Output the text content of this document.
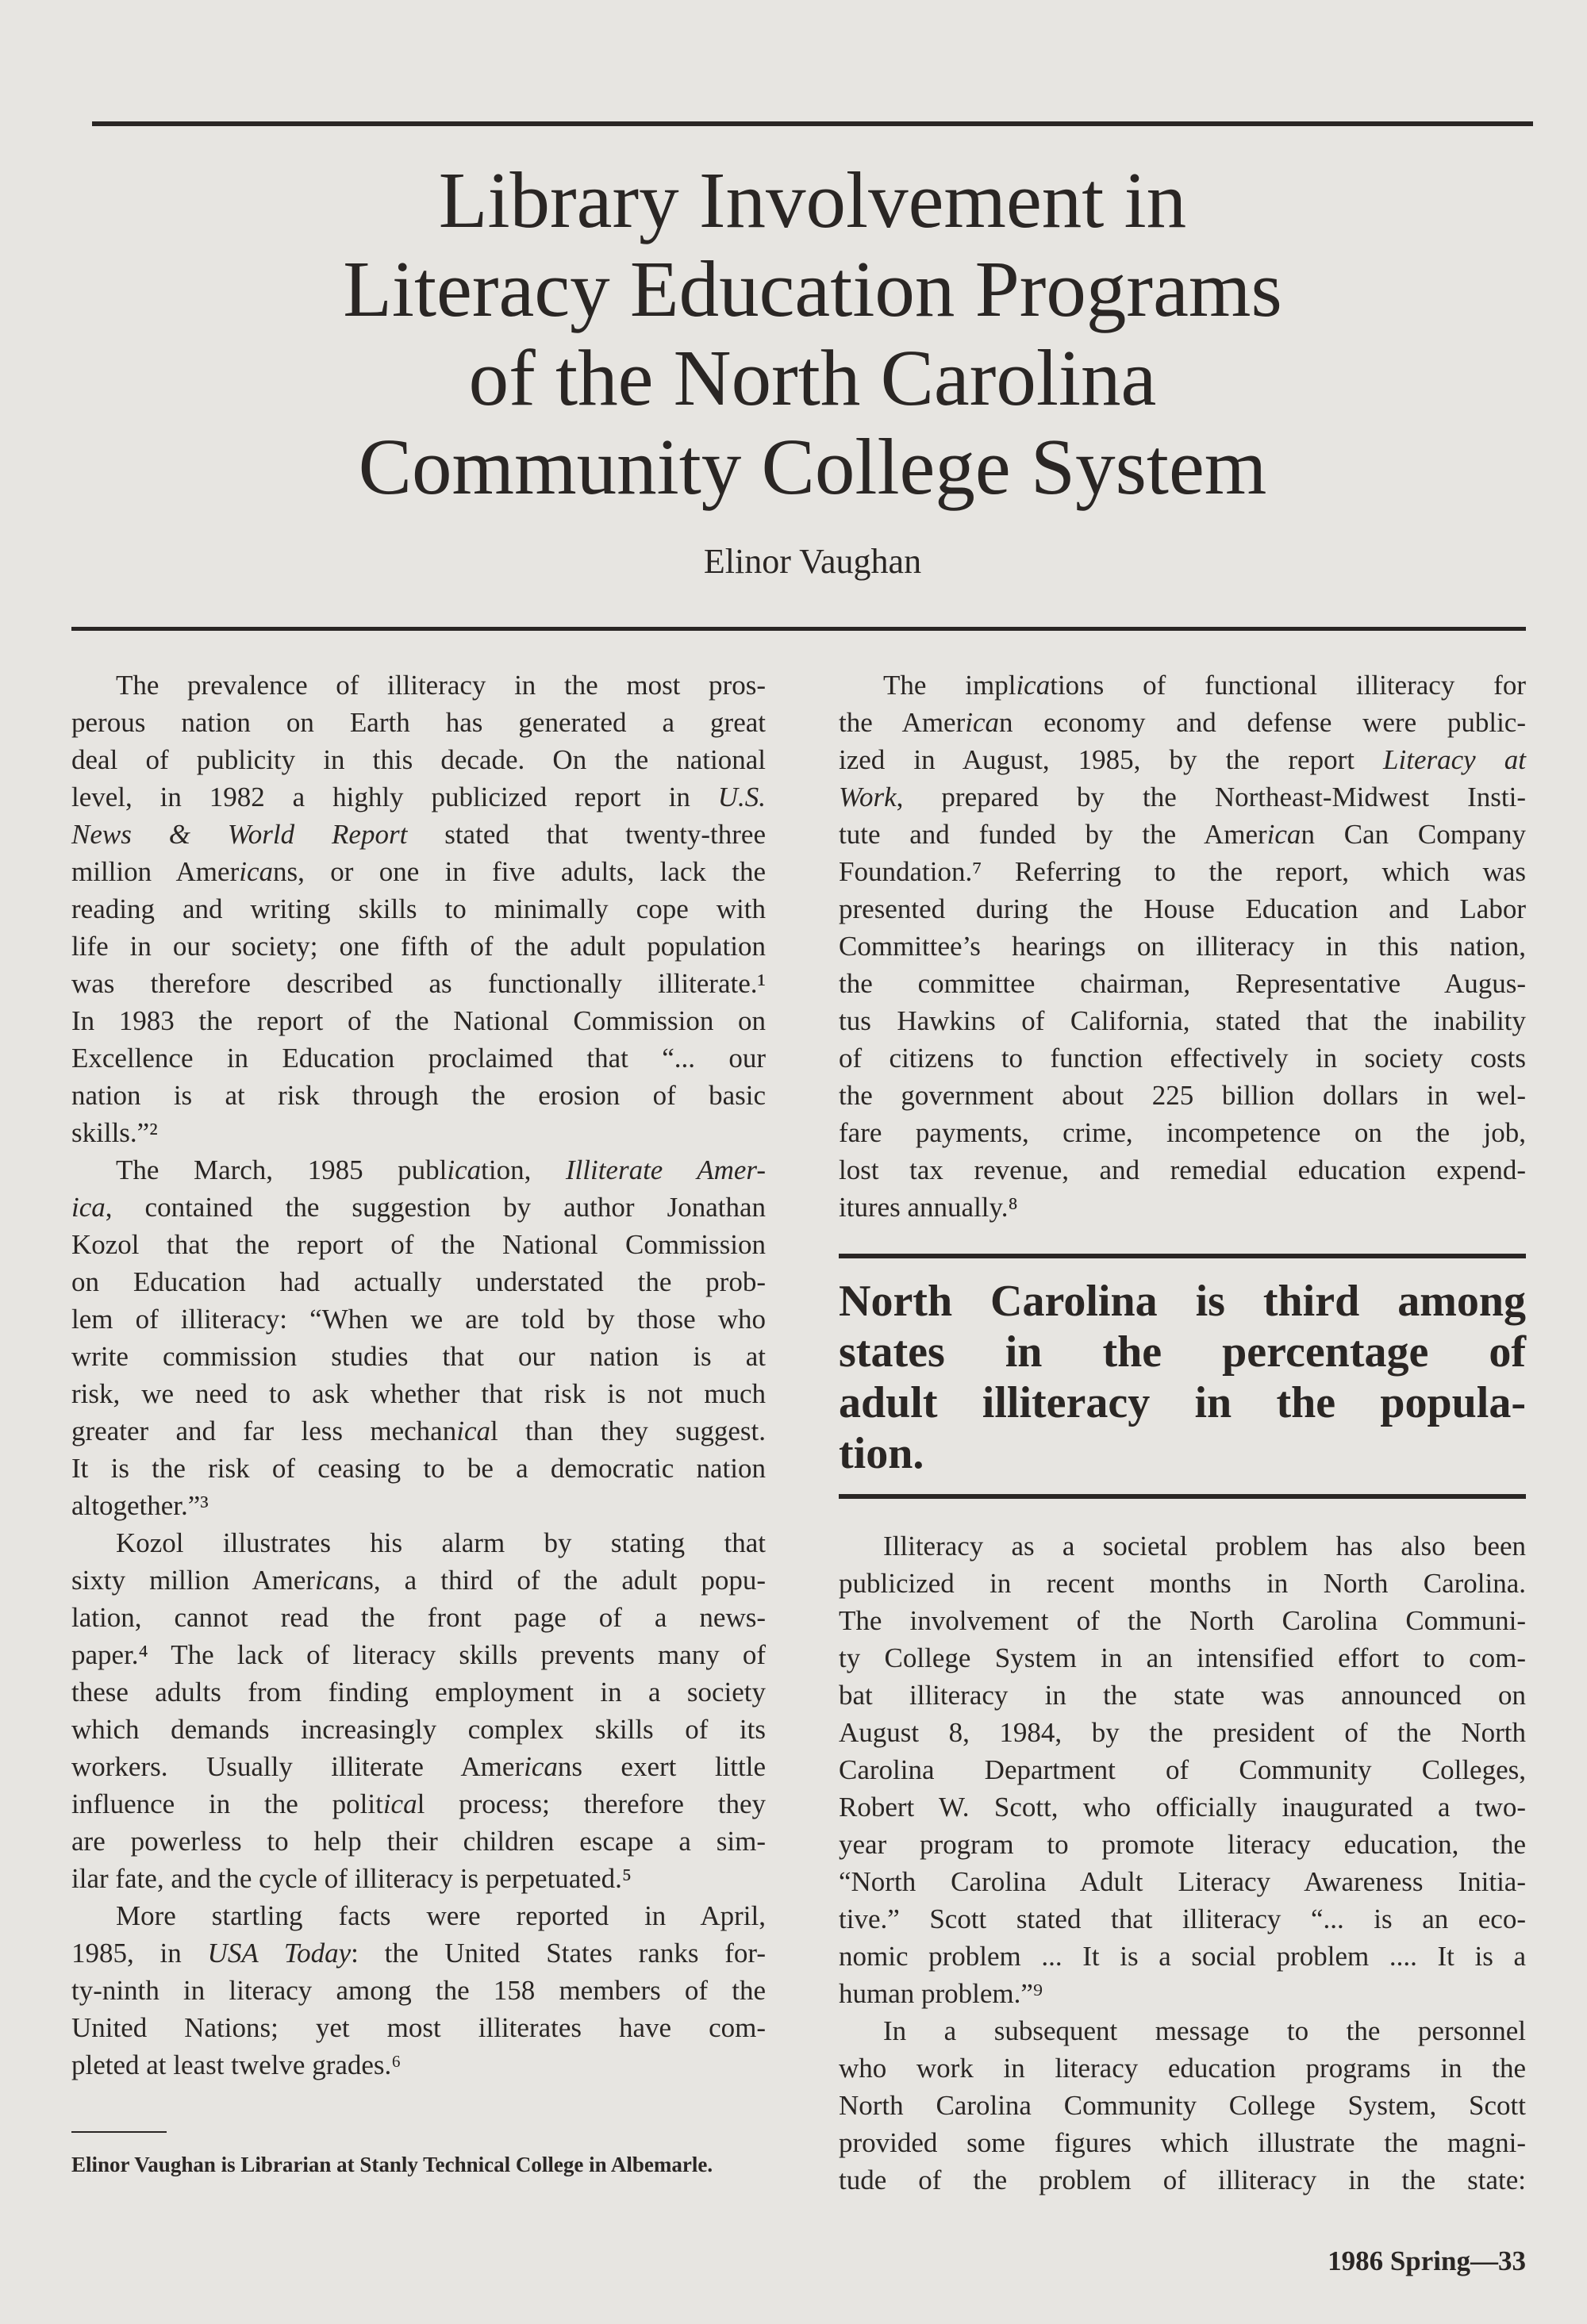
Library Involvement in
Literacy Education Programs
of the North Carolina
Community College System
Elinor Vaughan
The prevalence of illiteracy in the most pros-
perous nation on Earth has generated a great
deal of publicity in this decade. On the national
level, in 1982 a highly publicized report in U.S.
News & World Report stated that twenty-three
million Americans, or one in five adults, lack the
reading and writing skills to minimally cope with
life in our society; one fifth of the adult population
was therefore described as functionally illiterate.¹
In 1983 the report of the National Commission on
Excellence in Education proclaimed that “... our
nation is at risk through the erosion of basic
skills.”²
The March, 1985 publication, Illiterate Amer-
ica, contained the suggestion by author Jonathan
Kozol that the report of the National Commission
on Education had actually understated the prob-
lem of illiteracy: “When we are told by those who
write commission studies that our nation is at
risk, we need to ask whether that risk is not much
greater and far less mechanical than they suggest.
It is the risk of ceasing to be a democratic nation
altogether.”³
Kozol illustrates his alarm by stating that
sixty million Americans, a third of the adult popu-
lation, cannot read the front page of a news-
paper.⁴ The lack of literacy skills prevents many of
these adults from finding employment in a society
which demands increasingly complex skills of its
workers. Usually illiterate Americans exert little
influence in the political process; therefore they
are powerless to help their children escape a sim-
ilar fate, and the cycle of illiteracy is perpetuated.⁵
More startling facts were reported in April,
1985, in USA Today: the United States ranks for-
ty-ninth in literacy among the 158 members of the
United Nations; yet most illiterates have com-
pleted at least twelve grades.⁶
The implications of functional illiteracy for
the American economy and defense were public-
ized in August, 1985, by the report Literacy at
Work, prepared by the Northeast-Midwest Insti-
tute and funded by the American Can Company
Foundation.⁷ Referring to the report, which was
presented during the House Education and Labor
Committee’s hearings on illiteracy in this nation,
the committee chairman, Representative Augus-
tus Hawkins of California, stated that the inability
of citizens to function effectively in society costs
the government about 225 billion dollars in wel-
fare payments, crime, incompetence on the job,
lost tax revenue, and remedial education expend-
itures annually.⁸
North Carolina is third among
states in the percentage of
adult illiteracy in the popula-
tion.
Illiteracy as a societal problem has also been
publicized in recent months in North Carolina.
The involvement of the North Carolina Communi-
ty College System in an intensified effort to com-
bat illiteracy in the state was announced on
August 8, 1984, by the president of the North
Carolina Department of Community Colleges,
Robert W. Scott, who officially inaugurated a two-
year program to promote literacy education, the
“North Carolina Adult Literacy Awareness Initia-
tive.” Scott stated that illiteracy “... is an eco-
nomic problem ... It is a social problem .... It is a
human problem.”⁹
In a subsequent message to the personnel
who work in literacy education programs in the
North Carolina Community College System, Scott
provided some figures which illustrate the magni-
tude of the problem of illiteracy in the state:
Elinor Vaughan is Librarian at Stanly Technical College in Albemarle.
1986 Spring—33
